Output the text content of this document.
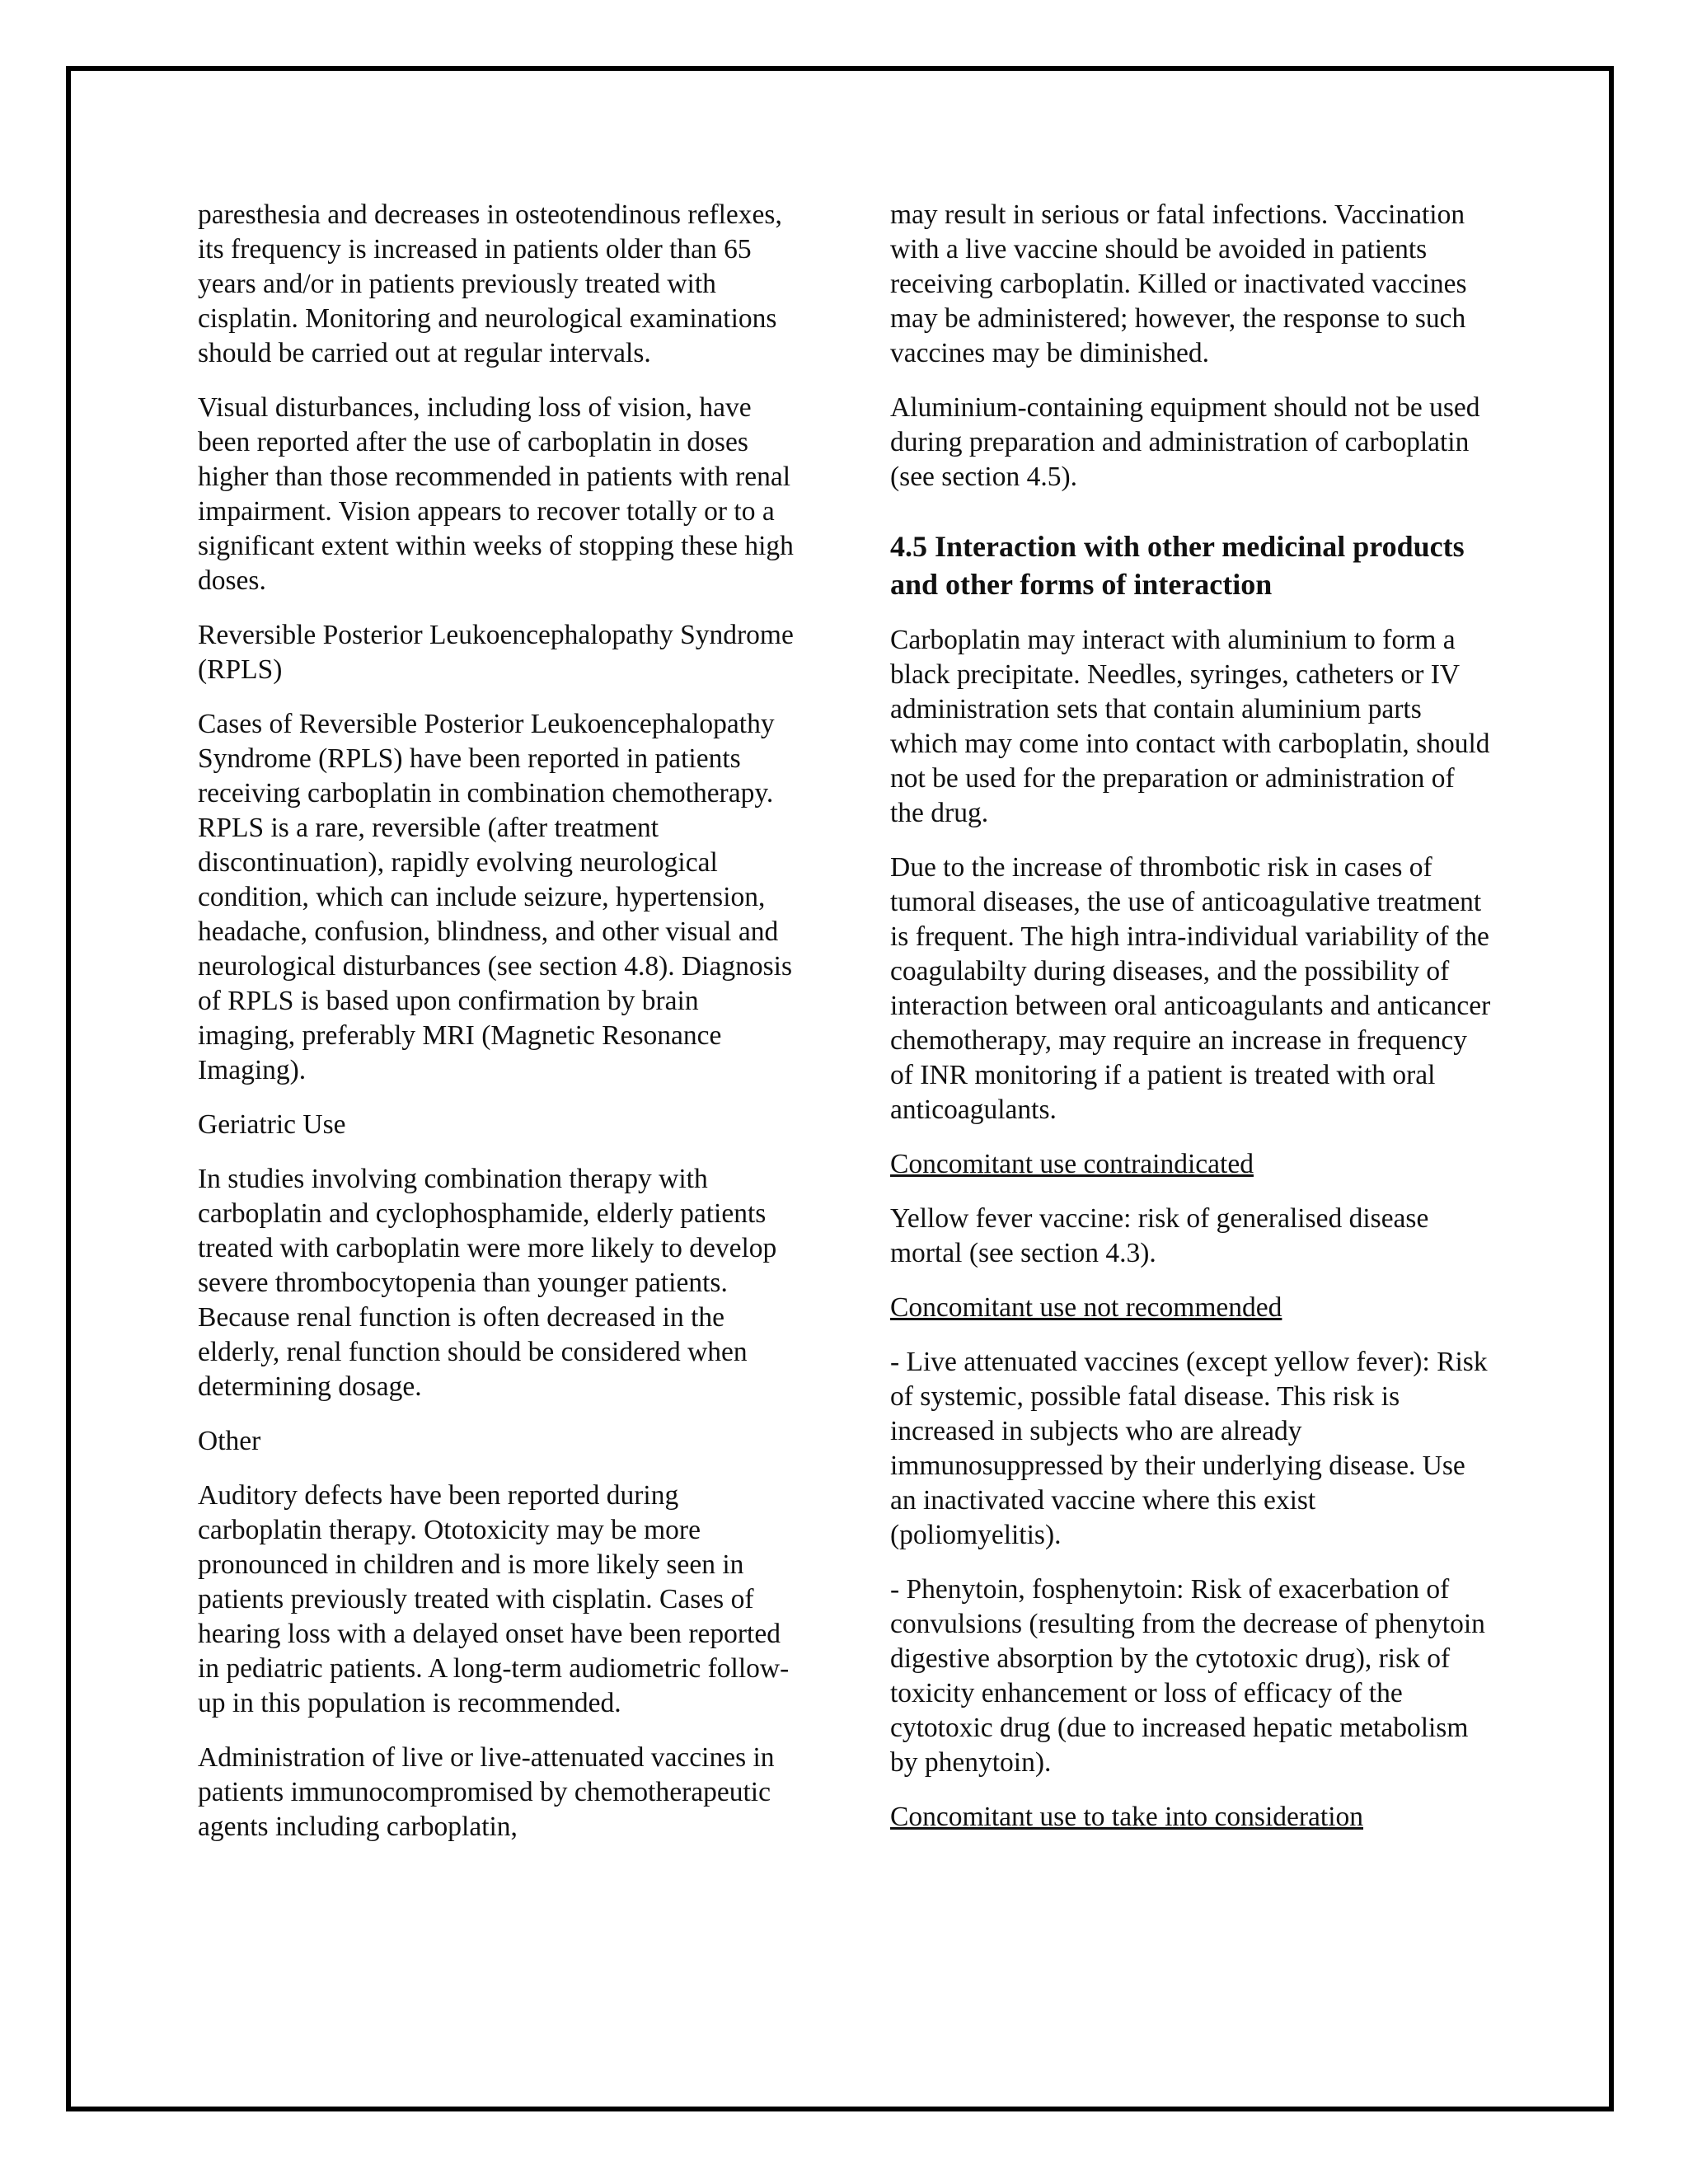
paresthesia and decreases in osteotendinous reflexes, its frequency is increased in patients older than 65 years and/or in patients previously treated with cisplatin. Monitoring and neurological examinations should be carried out at regular intervals.

Visual disturbances, including loss of vision, have been reported after the use of carboplatin in doses higher than those recommended in patients with renal impairment. Vision appears to recover totally or to a significant extent within weeks of stopping these high doses.

Reversible Posterior Leukoencephalopathy Syndrome (RPLS)

Cases of Reversible Posterior Leukoencephalopathy Syndrome (RPLS) have been reported in patients receiving carboplatin in combination chemotherapy. RPLS is a rare, reversible (after treatment discontinuation), rapidly evolving neurological condition, which can include seizure, hypertension, headache, confusion, blindness, and other visual and neurological disturbances (see section 4.8). Diagnosis of RPLS is based upon confirmation by brain imaging, preferably MRI (Magnetic Resonance Imaging).

Geriatric Use

In studies involving combination therapy with carboplatin and cyclophosphamide, elderly patients treated with carboplatin were more likely to develop severe thrombocytopenia than younger patients. Because renal function is often decreased in the elderly, renal function should be considered when determining dosage.

Other

Auditory defects have been reported during carboplatin therapy. Ototoxicity may be more pronounced in children and is more likely seen in patients previously treated with cisplatin. Cases of hearing loss with a delayed onset have been reported in pediatric patients. A long-term audiometric follow-up in this population is recommended.

Administration of live or live-attenuated vaccines in patients immunocompromised by chemotherapeutic agents including carboplatin,

may result in serious or fatal infections. Vaccination with a live vaccine should be avoided in patients receiving carboplatin. Killed or inactivated vaccines may be administered; however, the response to such vaccines may be diminished.

Aluminium-containing equipment should not be used during preparation and administration of carboplatin (see section 4.5).

4.5 Interaction with other medicinal products and other forms of interaction

Carboplatin may interact with aluminium to form a black precipitate. Needles, syringes, catheters or IV administration sets that contain aluminium parts which may come into contact with carboplatin, should not be used for the preparation or administration of the drug.

Due to the increase of thrombotic risk in cases of tumoral diseases, the use of anticoagulative treatment is frequent. The high intra-individual variability of the coagulabilty during diseases, and the possibility of interaction between oral anticoagulants and anticancer chemotherapy, may require an increase in frequency of INR monitoring if a patient is treated with oral anticoagulants.

Concomitant use contraindicated

Yellow fever vaccine: risk of generalised disease mortal (see section 4.3).

Concomitant use not recommended

- Live attenuated vaccines (except yellow fever): Risk of systemic, possible fatal disease. This risk is increased in subjects who are already immunosuppressed by their underlying disease. Use an inactivated vaccine where this exist (poliomyelitis).

- Phenytoin, fosphenytoin: Risk of exacerbation of convulsions (resulting from the decrease of phenytoin digestive absorption by the cytotoxic drug), risk of toxicity enhancement or loss of efficacy of the cytotoxic drug (due to increased hepatic metabolism by phenytoin).

Concomitant use to take into consideration
